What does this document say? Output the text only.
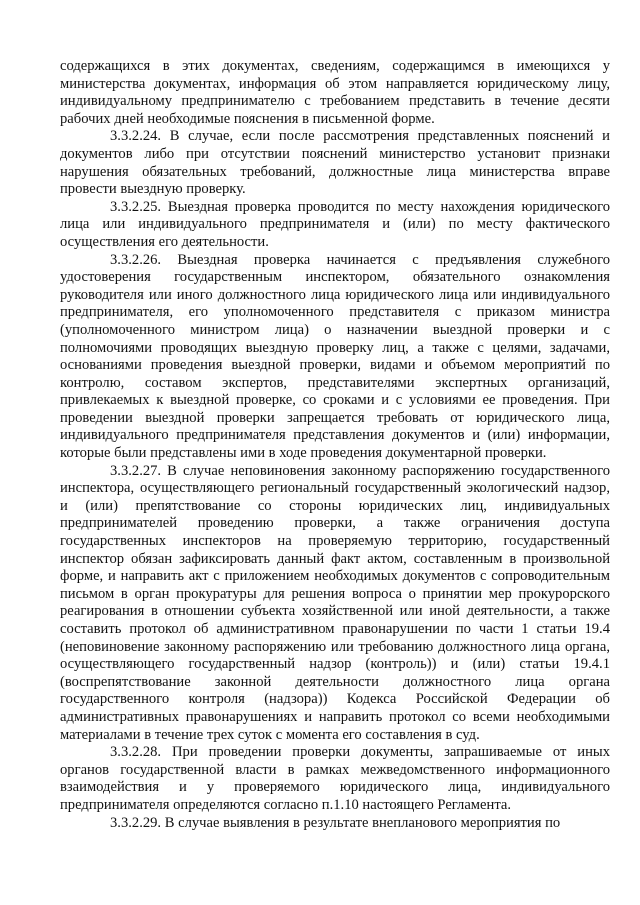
содержащихся в этих документах, сведениям, содержащимся в имеющихся у министерства документах, информация об этом направляется юридическому лицу, индивидуальному предпринимателю с требованием представить в течение десяти рабочих дней необходимые пояснения в письменной форме.

3.3.2.24. В случае, если после рассмотрения представленных пояснений и документов либо при отсутствии пояснений министерство установит признаки нарушения обязательных требований, должностные лица министерства вправе провести выездную проверку.

3.3.2.25. Выездная проверка проводится по месту нахождения юридического лица или индивидуального предпринимателя и (или) по месту фактического осуществления его деятельности.

3.3.2.26. Выездная проверка начинается с предъявления служебного удостоверения государственным инспектором, обязательного ознакомления руководителя или иного должностного лица юридического лица или индивидуального предпринимателя, его уполномоченного представителя с приказом министра (уполномоченного министром лица) о назначении выездной проверки и с полномочиями проводящих выездную проверку лиц, а также с целями, задачами, основаниями проведения выездной проверки, видами и объемом мероприятий по контролю, составом экспертов, представителями экспертных организаций, привлекаемых к выездной проверке, со сроками и с условиями ее проведения. При проведении выездной проверки запрещается требовать от юридического лица, индивидуального предпринимателя представления документов и (или) информации, которые были представлены ими в ходе проведения документарной проверки.

3.3.2.27. В случае неповиновения законному распоряжению государственного инспектора, осуществляющего региональный государственный экологический надзор, и (или) препятствование со стороны юридических лиц, индивидуальных предпринимателей проведению проверки, а также ограничения доступа государственных инспекторов на проверяемую территорию, государственный инспектор обязан зафиксировать данный факт актом, составленным в произвольной форме, и направить акт с приложением необходимых документов с сопроводительным письмом в орган прокуратуры для решения вопроса о принятии мер прокурорского реагирования в отношении субъекта хозяйственной или иной деятельности, а также составить протокол об административном правонарушении по части 1 статьи 19.4 (неповиновение законному распоряжению или требованию должностного лица органа, осуществляющего государственный надзор (контроль)) и (или) статьи 19.4.1 (воспрепятствование законной деятельности должностного лица органа государственного контроля (надзора)) Кодекса Российской Федерации об административных правонарушениях и направить протокол со всеми необходимыми материалами в течение трех суток с момента его составления в суд.

3.3.2.28. При проведении проверки документы, запрашиваемые от иных органов государственной власти в рамках межведомственного информационного взаимодействия и у проверяемого юридического лица, индивидуального предпринимателя определяются согласно п.1.10 настоящего Регламента.

3.3.2.29. В случае выявления в результате внепланового мероприятия по
